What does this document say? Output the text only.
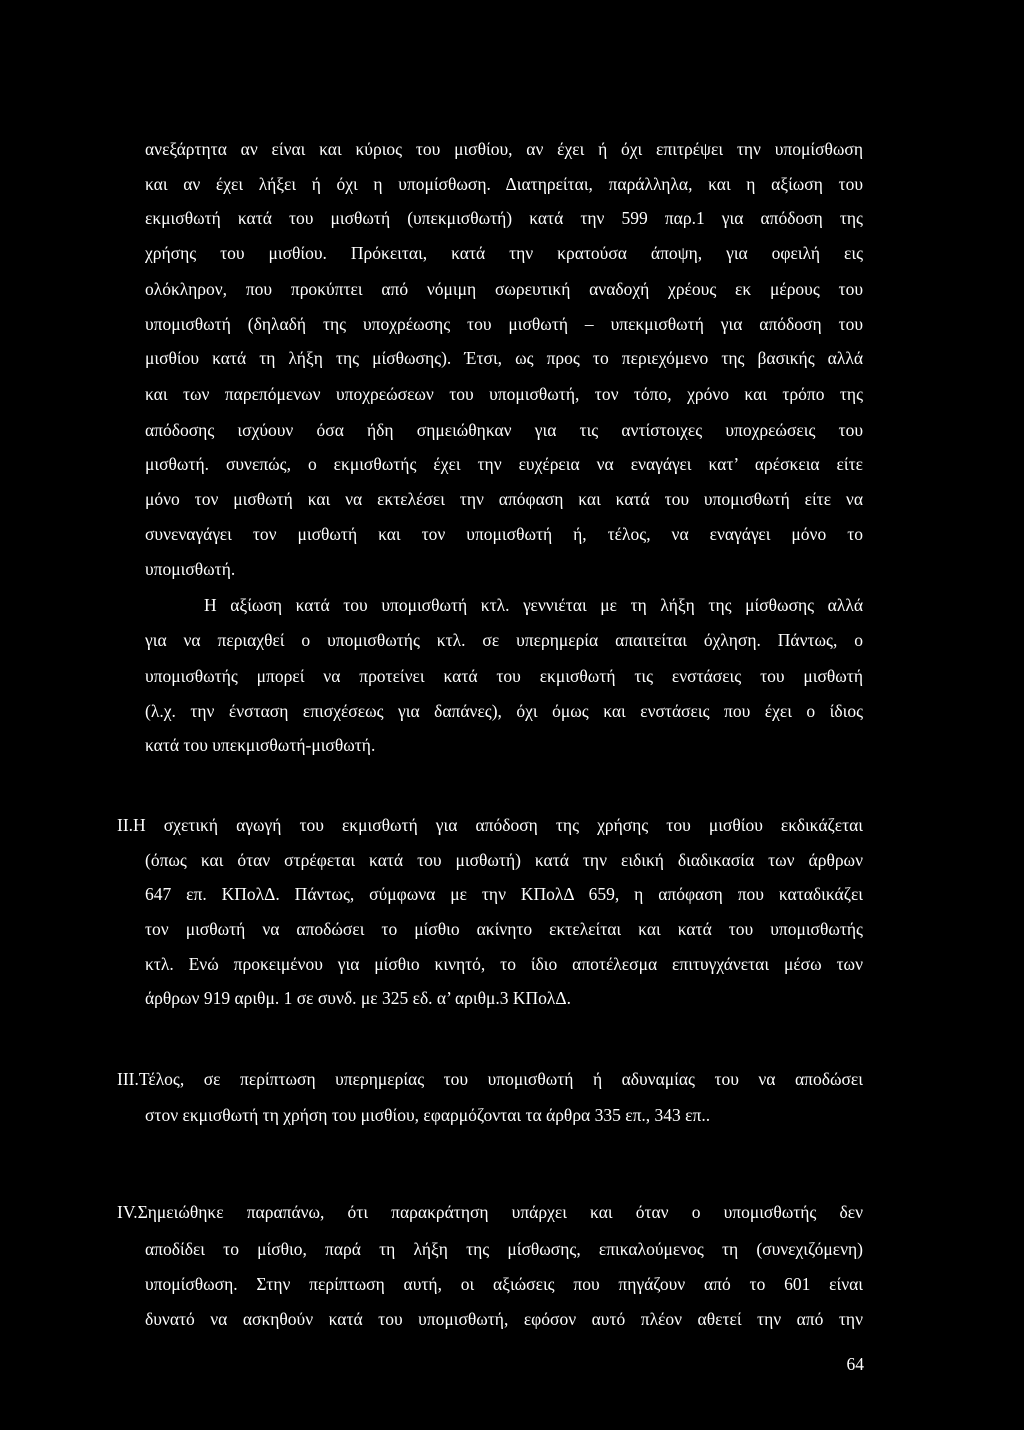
ανεξάρτητα αν είναι και κύριος του μισθίου, αν έχει ή όχι επιτρέψει την υπομίσθωση
και αν έχει λήξει ή όχι η υπομίσθωση. Διατηρείται, παράλληλα, και η αξίωση του
εκμισθωτή κατά του μισθωτή (υπεκμισθωτή) κατά την 599 παρ.1 για απόδοση της
χρήσης του μισθίου. Πρόκειται, κατά την κρατούσα άποψη, για οφειλή εις
ολόκληρον, που προκύπτει από νόμιμη σωρευτική αναδοχή χρέους εκ μέρους του
υπομισθωτή (δηλαδή της υποχρέωσης του μισθωτή – υπεκμισθωτή για απόδοση του
μισθίου κατά τη λήξη της μίσθωσης). Έτσι, ως προς το περιεχόμενο της βασικής αλλά
και των παρεπόμενων υποχρεώσεων του υπομισθωτή, τον τόπο, χρόνο και τρόπο της
απόδοσης ισχύουν όσα ήδη σημειώθηκαν για τις αντίστοιχες υποχρεώσεις του
μισθωτή. συνεπώς, ο εκμισθωτής έχει την ευχέρεια να εναγάγει κατ’ αρέσκεια είτε
μόνο τον μισθωτή και να εκτελέσει την απόφαση και κατά του υπομισθωτή είτε να
συνεναγάγει τον μισθωτή και τον υπομισθωτή ή, τέλος, να εναγάγει μόνο το
υπομισθωτή.
Η αξίωση κατά του υπομισθωτή κτλ. γεννιέται με τη λήξη της μίσθωσης αλλά
για να περιαχθεί ο υπομισθωτής κτλ. σε υπερημερία απαιτείται όχληση. Πάντως, ο
υπομισθωτής μπορεί να προτείνει κατά του εκμισθωτή τις ενστάσεις του μισθωτή
(λ.χ. την ένσταση επισχέσεως για δαπάνες), όχι όμως και ενστάσεις που έχει ο ίδιος
κατά του υπεκμισθωτή-μισθωτή.
II.Η σχετική αγωγή του εκμισθωτή για απόδοση της χρήσης του μισθίου εκδικάζεται
(όπως και όταν στρέφεται κατά του μισθωτή) κατά την ειδική διαδικασία των άρθρων
647 επ. ΚΠολΔ. Πάντως, σύμφωνα με την ΚΠολΔ 659, η απόφαση που καταδικάζει
τον μισθωτή να αποδώσει το μίσθιο ακίνητο εκτελείται και κατά του υπομισθωτής
κτλ. Ενώ προκειμένου για μίσθιο κινητό, το ίδιο αποτέλεσμα επιτυγχάνεται μέσω των
άρθρων 919 αριθμ. 1 σε συνδ. με 325 εδ. α’ αριθμ.3 ΚΠολΔ.
III.Τέλος, σε περίπτωση υπερημερίας του υπομισθωτή ή αδυναμίας του να αποδώσει
στον εκμισθωτή τη χρήση του μισθίου, εφαρμόζονται τα άρθρα 335 επ., 343 επ..
IV.Σημειώθηκε παραπάνω, ότι παρακράτηση υπάρχει και όταν ο υπομισθωτής δεν
αποδίδει το μίσθιο, παρά τη λήξη της μίσθωσης, επικαλούμενος τη (συνεχιζόμενη)
υπομίσθωση. Στην περίπτωση αυτή, οι αξιώσεις που πηγάζουν από το 601 είναι
δυνατό να ασκηθούν κατά του υπομισθωτή, εφόσον αυτό πλέον αθετεί την από την
64
